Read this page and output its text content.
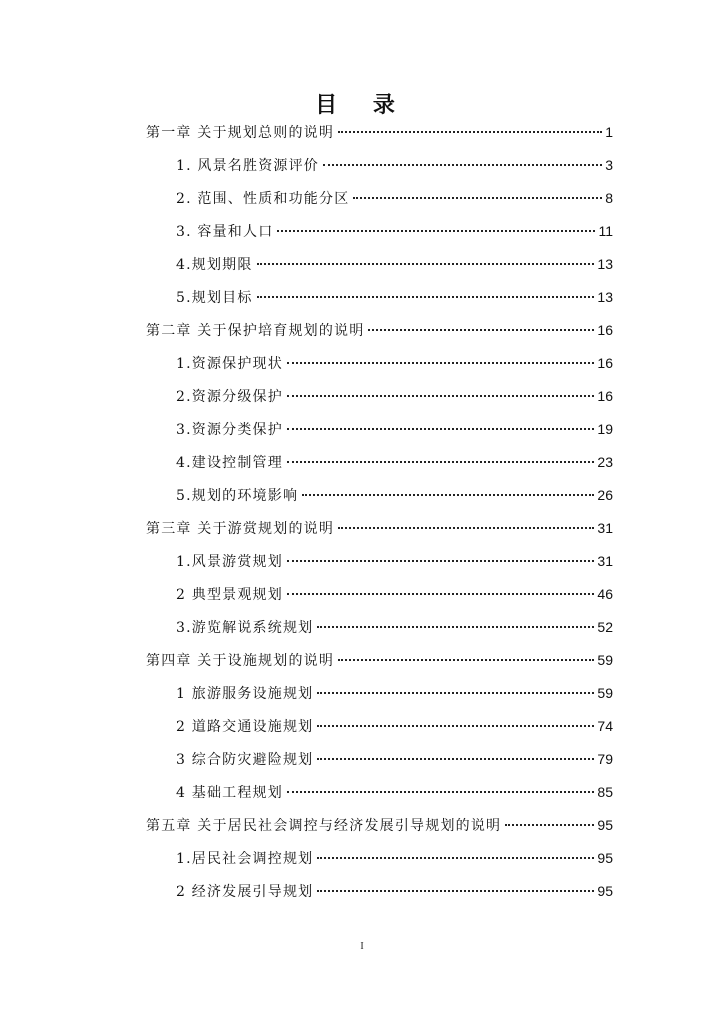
目 录
第一章 关于规划总则的说明	1
1. 风景名胜资源评价	3
2. 范围、性质和功能分区	8
3. 容量和人口	11
4.规划期限	13
5.规划目标	13
第二章 关于保护培育规划的说明	16
1.资源保护现状	16
2.资源分级保护	16
3.资源分类保护	19
4.建设控制管理	23
5.规划的环境影响	26
第三章 关于游赏规划的说明	31
1.风景游赏规划	31
2 典型景观规划	46
3.游览解说系统规划	52
第四章 关于设施规划的说明	59
1 旅游服务设施规划	59
2 道路交通设施规划	74
3 综合防灾避险规划	79
4 基础工程规划	85
第五章 关于居民社会调控与经济发展引导规划的说明	95
1.居民社会调控规划	95
2 经济发展引导规划	95
I
